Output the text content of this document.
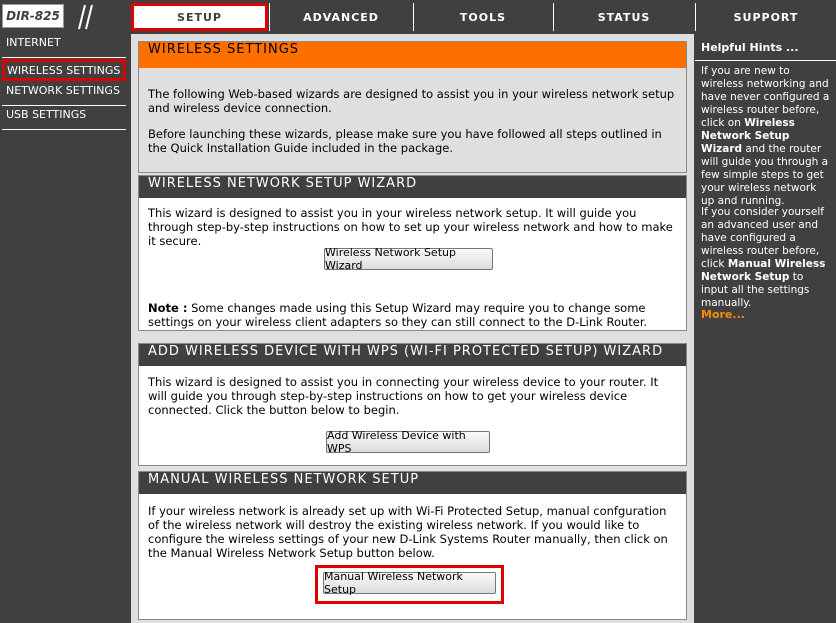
DIR-825	SETUP	ADVANCED	TOOLS	STATUS	SUPPORT
INTERNET
WIRELESS SETTINGS
NETWORK SETTINGS
USB SETTINGS
WIRELESS SETTINGS

The following Web-based wizards are designed to assist you in your wireless network setup and wireless device connection.

Before launching these wizards, please make sure you have followed all steps outlined in the Quick Installation Guide included in the package.

WIRELESS NETWORK SETUP WIZARD

This wizard is designed to assist you in your wireless network setup. It will guide you through step-by-step instructions on how to set up your wireless network and how to make it secure.

Wireless Network Setup Wizard

Note : Some changes made using this Setup Wizard may require you to change some settings on your wireless client adapters so they can still connect to the D-Link Router.

ADD WIRELESS DEVICE WITH WPS (WI-FI PROTECTED SETUP) WIZARD

This wizard is designed to assist you in connecting your wireless device to your router. It will guide you through step-by-step instructions on how to get your wireless device connected. Click the button below to begin.

Add Wireless Device with WPS
MANUAL WIRELESS NETWORK SETUP

If your wireless network is already set up with Wi-Fi Protected Setup, manual confguration of the wireless network will destroy the existing wireless network. If you would like to configure the wireless settings of your new D-Link Systems Router manually, then click on the Manual Wireless Network Setup button below.

Manual Wireless Network Setup
Helpful Hints ...
If you are new to wireless networking and have never configured a wireless router before, click on Wireless Network Setup Wizard and the router will guide you through a few simple steps to get your wireless network up and running.
If you consider yourself an advanced user and have configured a wireless router before, click Manual Wireless Network Setup to input all the settings manually.
More...
